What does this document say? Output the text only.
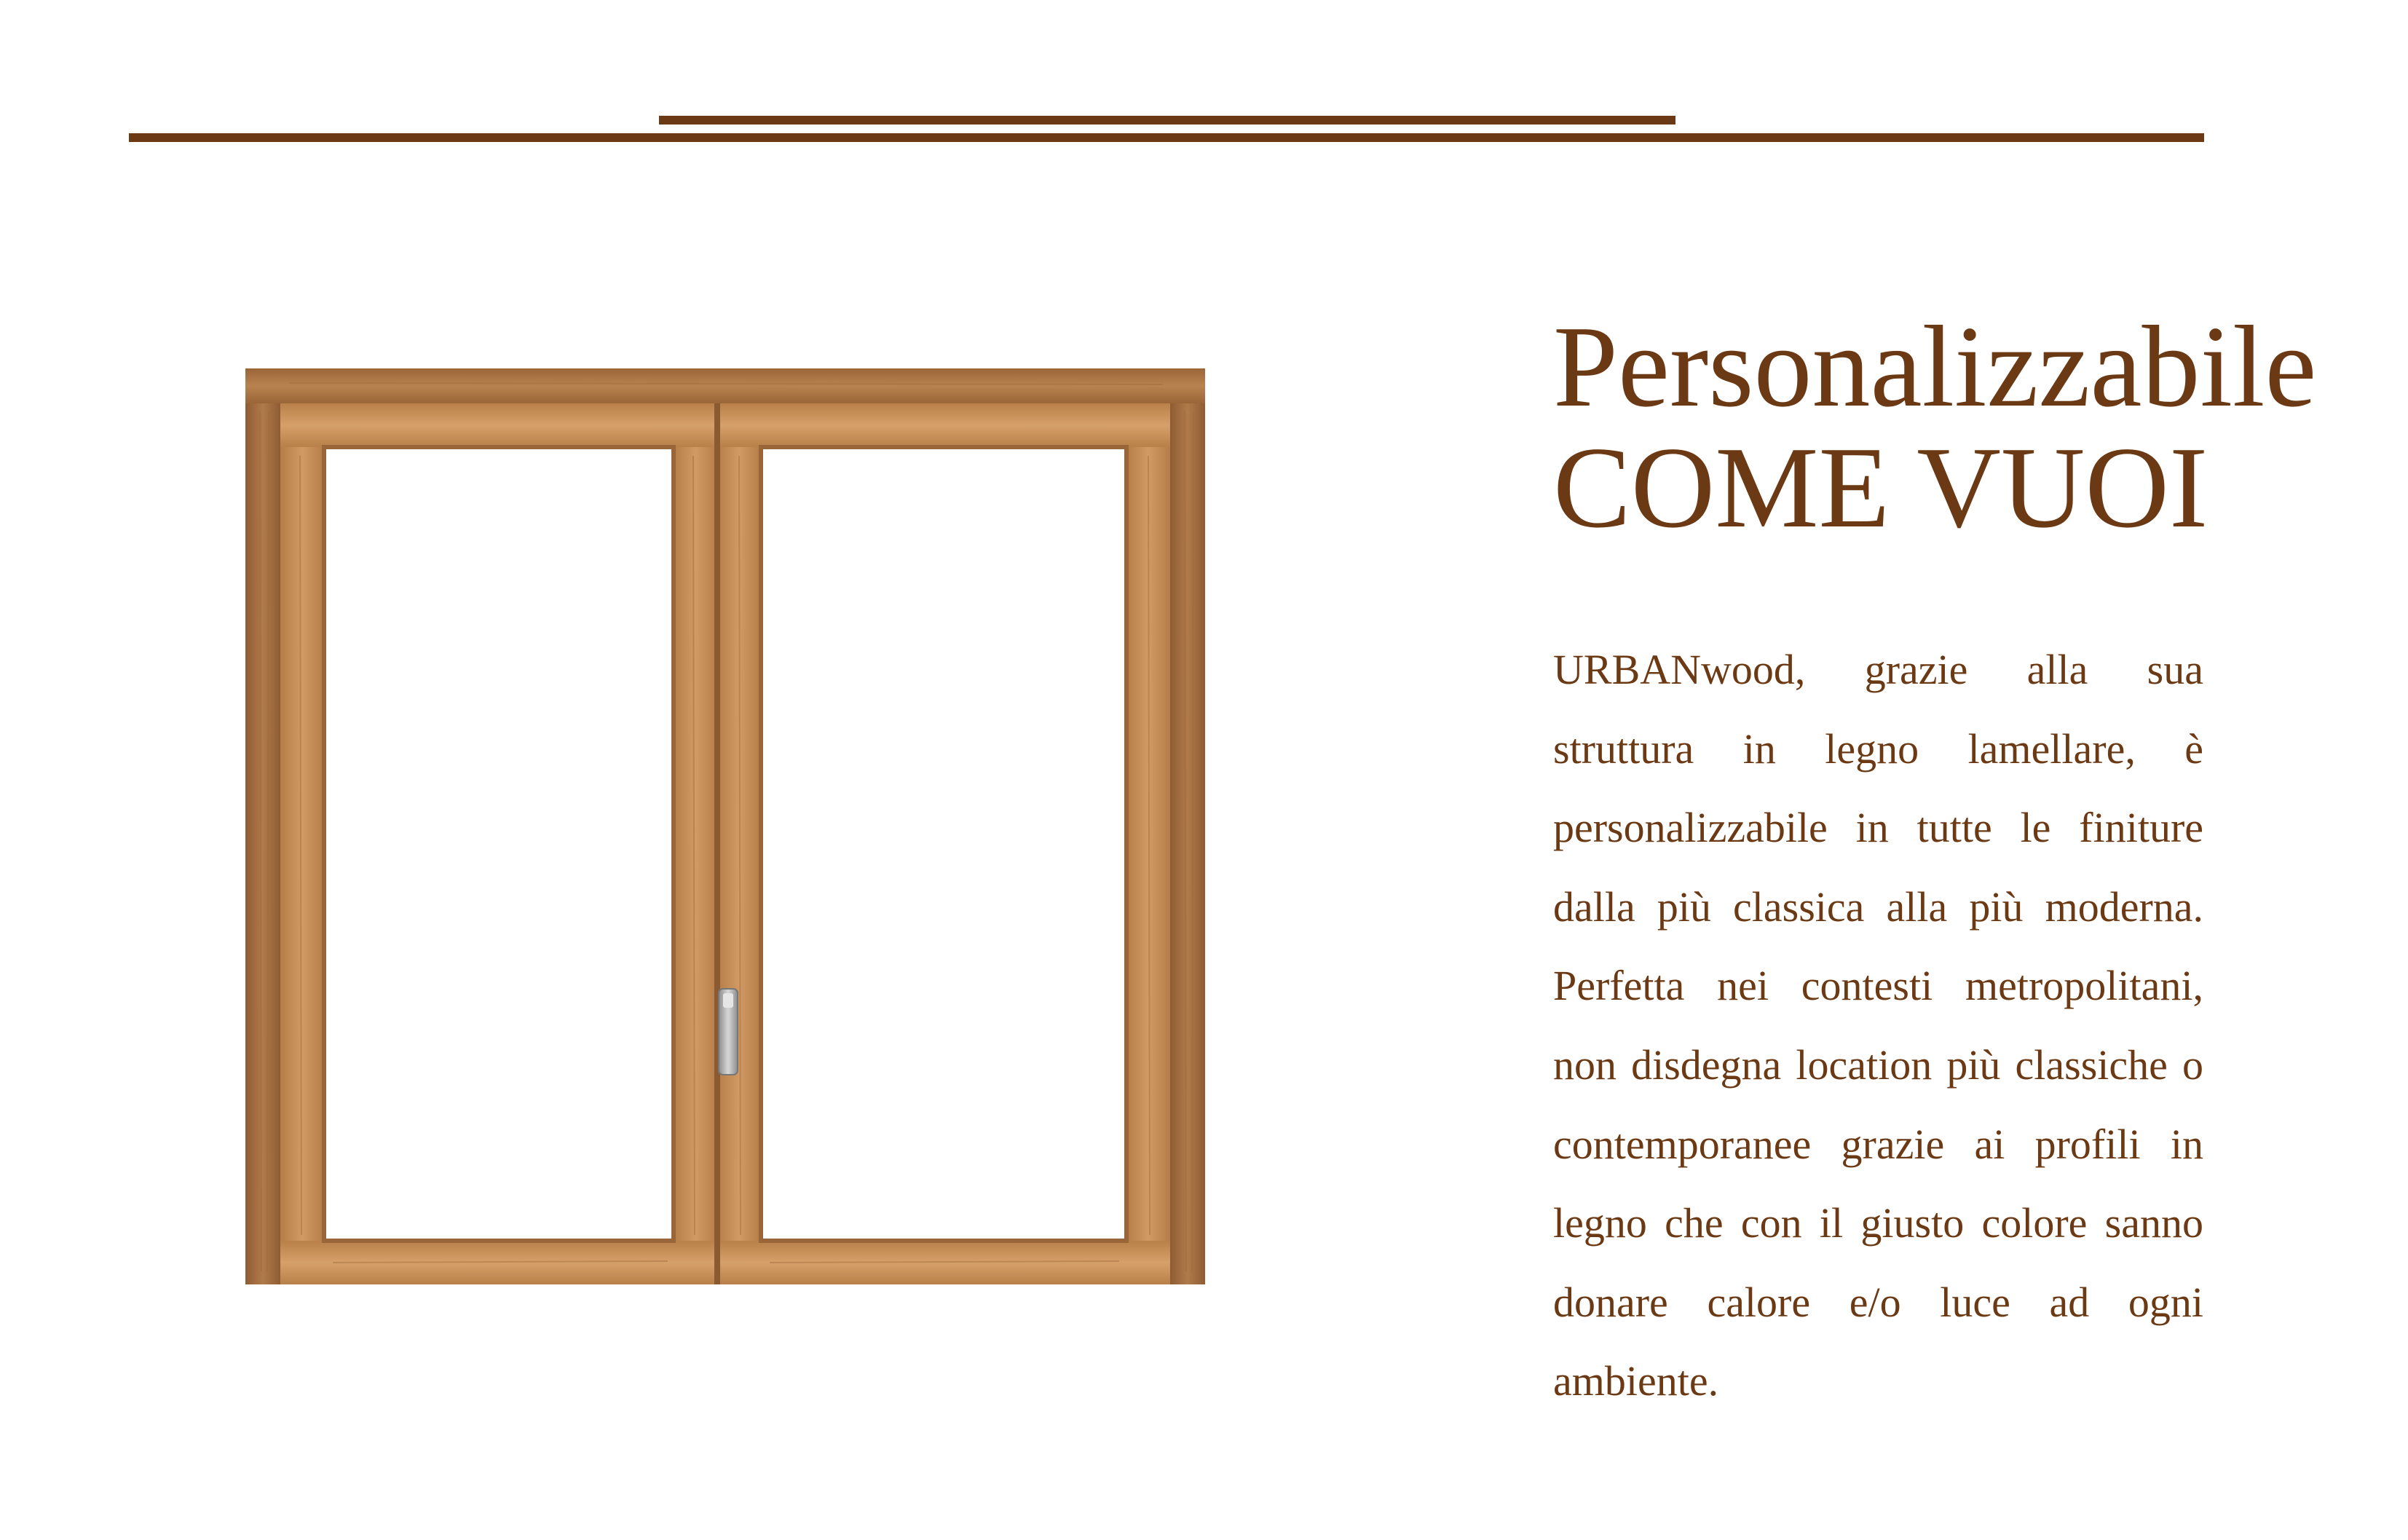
Personalizzabile
COME VUOI

URBANwood, grazie alla sua struttura in legno lamellare, è personalizzabile in tutte le finiture dalla più classica alla più moderna. Perfetta nei contesti metropolitani, non disdegna location più classiche o contemporanee grazie ai profili in legno che con il giusto colore sanno donare calore e/o luce ad ogni ambiente.
